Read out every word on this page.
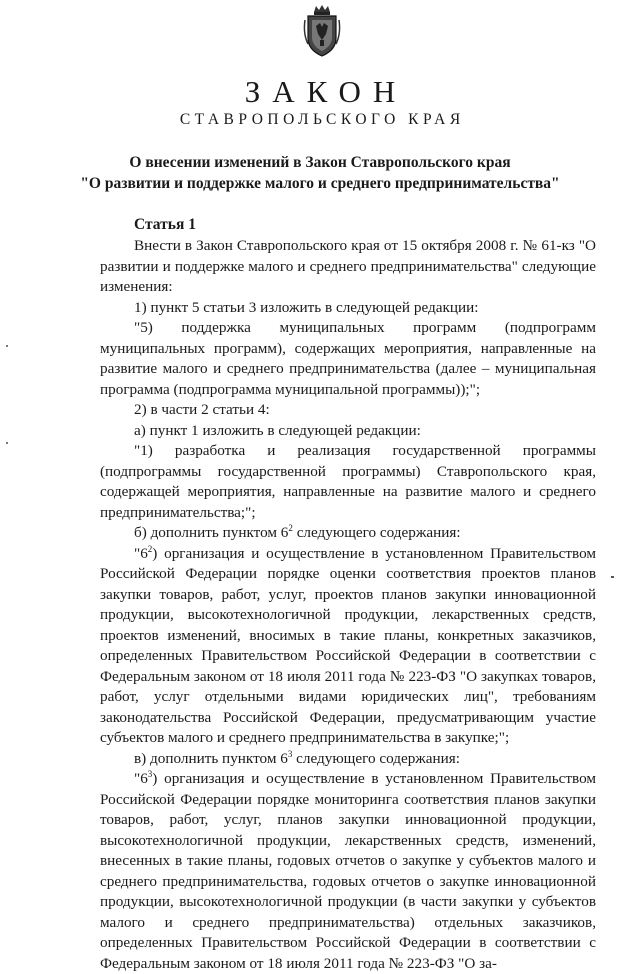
ЗАКОН
СТАВРОПОЛЬСКОГО КРАЯ
О внесении изменений в Закон Ставропольского края
"О развитии и поддержке малого и среднего предпринимательства"
Статья 1

Внести в Закон Ставропольского края от 15 октября 2008 г. № 61-кз "О развитии и поддержке малого и среднего предпринимательства" следующие изменения:

1) пункт 5 статьи 3 изложить в следующей редакции:

"5) поддержка муниципальных программ (подпрограмм муниципальных программ), содержащих мероприятия, направленные на развитие малого и среднего предпринимательства (далее – муниципальная программа (подпрограмма муниципальной программы));";

2) в части 2 статьи 4:

а) пункт 1 изложить в следующей редакции:

"1) разработка и реализация государственной программы (подпрограммы государственной программы) Ставропольского края, содержащей мероприятия, направленные на развитие малого и среднего предпринимательства;";

б) дополнить пунктом $6^2$ следующего содержания:

"$6^2$) организация и осуществление в установленном Правительством Российской Федерации порядке оценки соответствия проектов планов закупки товаров, работ, услуг, проектов планов закупки инновационной продукции, высокотехнологичной продукции, лекарственных средств, проектов изменений, вносимых в такие планы, конкретных заказчиков, определенных Правительством Российской Федерации в соответствии с Федеральным законом от 18 июля 2011 года № 223-ФЗ "О закупках товаров, работ, услуг отдельными видами юридических лиц", требованиям законодательства Российской Федерации, предусматривающим участие субъектов малого и среднего предпринимательства в закупке;";

в) дополнить пунктом $6^3$ следующего содержания:

"$6^3$) организация и осуществление в установленном Правительством Российской Федерации порядке мониторинга соответствия планов закупки товаров, работ, услуг, планов закупки инновационной продукции, высокотехнологичной продукции, лекарственных средств, изменений, внесенных в такие планы, годовых отчетов о закупке у субъектов малого и среднего предпринимательства, годовых отчетов о закупке инновационной продукции, высокотехнологичной продукции (в части закупки у субъектов малого и среднего предпринимательства) отдельных заказчиков, определенных Правительством Российской Федерации в соответствии с Федеральным законом от 18 июля 2011 года № 223-ФЗ "О за-
